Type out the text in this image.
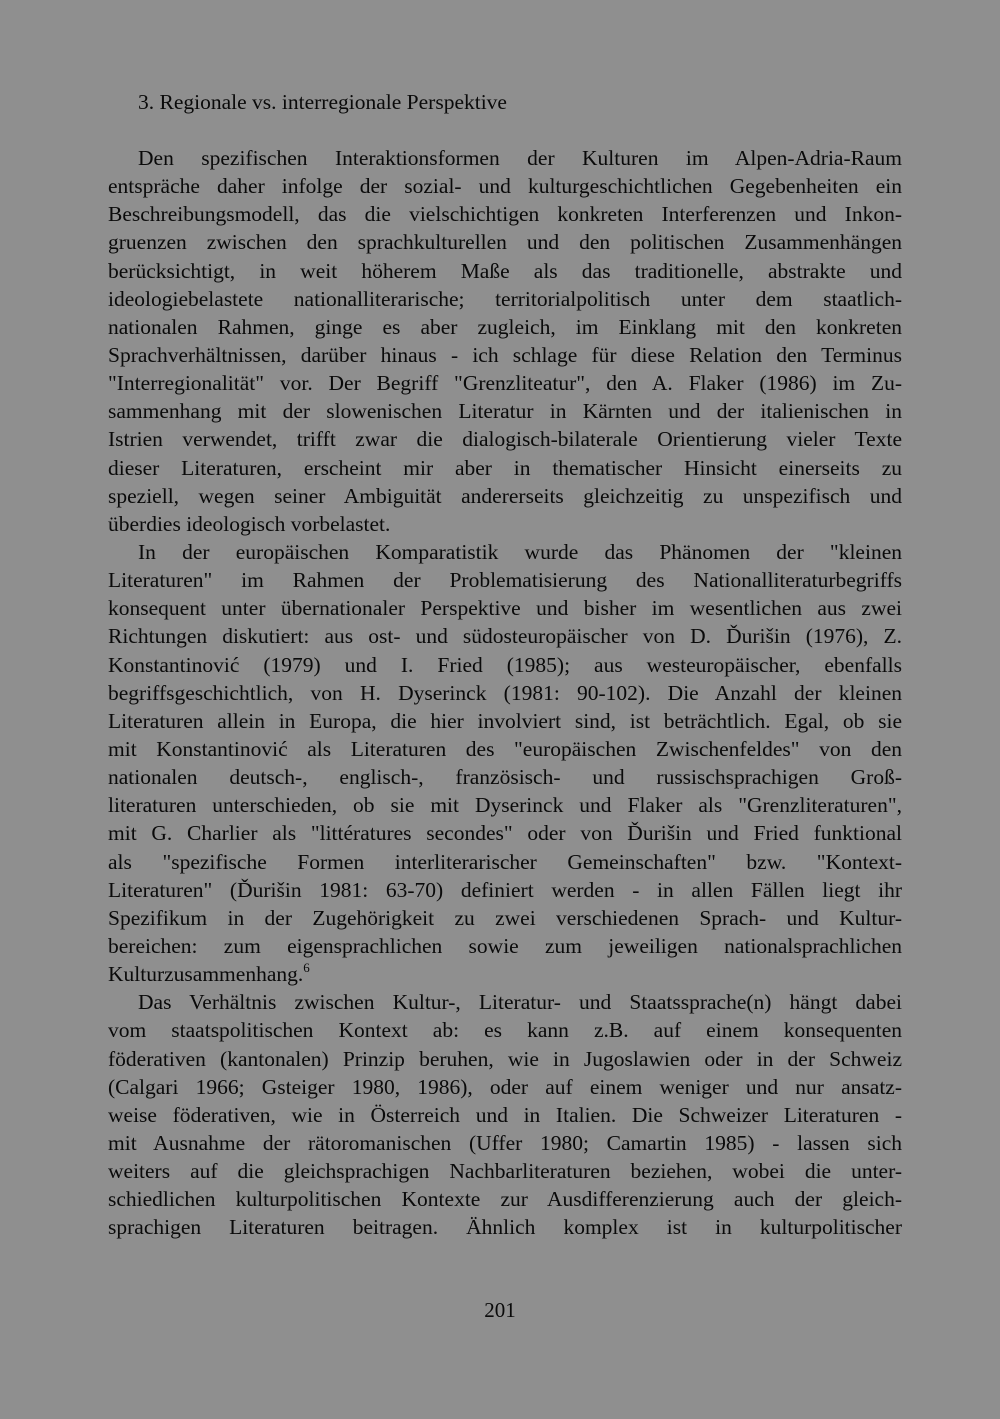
3. Regionale vs. interregionale Perspektive
Den spezifischen Interaktionsformen der Kulturen im Alpen-Adria-Raum
entspräche daher infolge der sozial- und kulturgeschichtlichen Gegebenheiten ein
Beschreibungsmodell, das die vielschichtigen konkreten Interferenzen und Inkon-
gruenzen zwischen den sprachkulturellen und den politischen Zusammenhängen
berücksichtigt, in weit höherem Maße als das traditionelle, abstrakte und
ideologiebelastete nationalliterarische; territorialpolitisch unter dem staatlich-
nationalen Rahmen, ginge es aber zugleich, im Einklang mit den konkreten
Sprachverhältnissen, darüber hinaus - ich schlage für diese Relation den Terminus
"Interregionalität" vor. Der Begriff "Grenzliteatur", den A. Flaker (1986) im Zu-
sammenhang mit der slowenischen Literatur in Kärnten und der italienischen in
Istrien verwendet, trifft zwar die dialogisch-bilaterale Orientierung vieler Texte
dieser Literaturen, erscheint mir aber in thematischer Hinsicht einerseits zu
speziell, wegen seiner Ambiguität andererseits gleichzeitig zu unspezifisch und
überdies ideologisch vorbelastet.
In der europäischen Komparatistik wurde das Phänomen der "kleinen
Literaturen" im Rahmen der Problematisierung des Nationalliteraturbegriffs
konsequent unter übernationaler Perspektive und bisher im wesentlichen aus zwei
Richtungen diskutiert: aus ost- und südosteuropäischer von D. Ďurišin (1976), Z.
Konstantinović (1979) und I. Fried (1985); aus westeuropäischer, ebenfalls
begriffsgeschichtlich, von H. Dyserinck (1981: 90-102). Die Anzahl der kleinen
Literaturen allein in Europa, die hier involviert sind, ist beträchtlich. Egal, ob sie
mit Konstantinović als Literaturen des "europäischen Zwischenfeldes" von den
nationalen deutsch-, englisch-, französisch- und russischsprachigen Groß-
literaturen unterschieden, ob sie mit Dyserinck und Flaker als "Grenzliteraturen",
mit G. Charlier als "littératures secondes" oder von Ďurišin und Fried funktional
als "spezifische Formen interliterarischer Gemeinschaften" bzw. "Kontext-
Literaturen" (Ďurišin 1981: 63-70) definiert werden - in allen Fällen liegt ihr
Spezifikum in der Zugehörigkeit zu zwei verschiedenen Sprach- und Kultur-
bereichen: zum eigensprachlichen sowie zum jeweiligen nationalsprachlichen
Kulturzusammenhang.$^6$
Das Verhältnis zwischen Kultur-, Literatur- und Staatssprache(n) hängt dabei
vom staatspolitischen Kontext ab: es kann z.B. auf einem konsequenten
föderativen (kantonalen) Prinzip beruhen, wie in Jugoslawien oder in der Schweiz
(Calgari 1966; Gsteiger 1980, 1986), oder auf einem weniger und nur ansatz-
weise föderativen, wie in Österreich und in Italien. Die Schweizer Literaturen -
mit Ausnahme der rätoromanischen (Uffer 1980; Camartin 1985) - lassen sich
weiters auf die gleichsprachigen Nachbarliteraturen beziehen, wobei die unter-
schiedlichen kulturpolitischen Kontexte zur Ausdifferenzierung auch der gleich-
sprachigen Literaturen beitragen. Ähnlich komplex ist in kulturpolitischer
201
